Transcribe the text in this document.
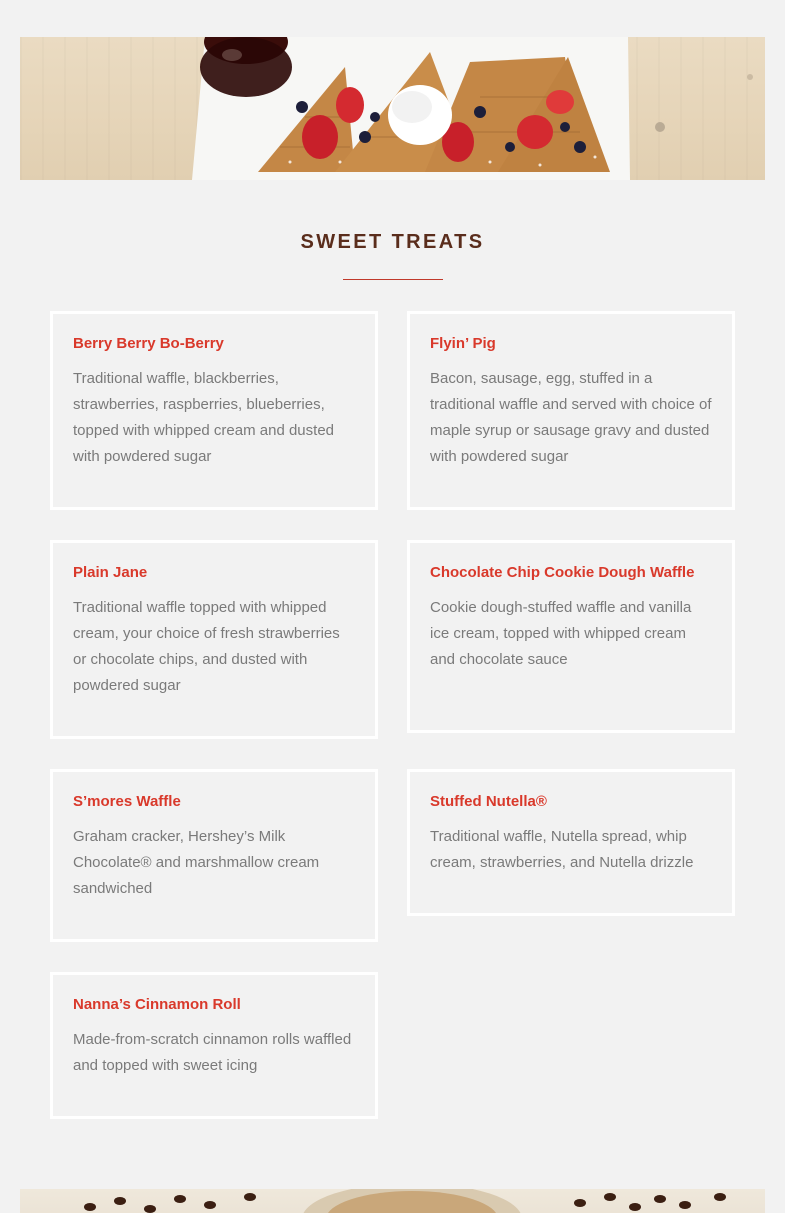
SWEET TREATS
Berry Berry Bo-Berry

Traditional waffle, blackberries, strawberries, raspberries, blueberries, topped with whipped cream and dusted with powdered sugar

Flyin’ Pig

Bacon, sausage, egg, stuffed in a traditional waffle and served with choice of maple syrup or sausage gravy and dusted with powdered sugar

Plain Jane

Traditional waffle topped with whipped cream, your choice of fresh strawberries or chocolate chips, and dusted with powdered sugar

Chocolate Chip Cookie Dough Waffle

Cookie dough-stuffed waffle and vanilla ice cream, topped with whipped cream and chocolate sauce

S’mores Waffle

Graham cracker, Hershey’s Milk Chocolate® and marshmallow cream sandwiched

Stuffed Nutella®

Traditional waffle, Nutella spread, whip cream, strawberries, and Nutella drizzle

Nanna’s Cinnamon Roll

Made-from-scratch cinnamon rolls waffled and topped with sweet icing
